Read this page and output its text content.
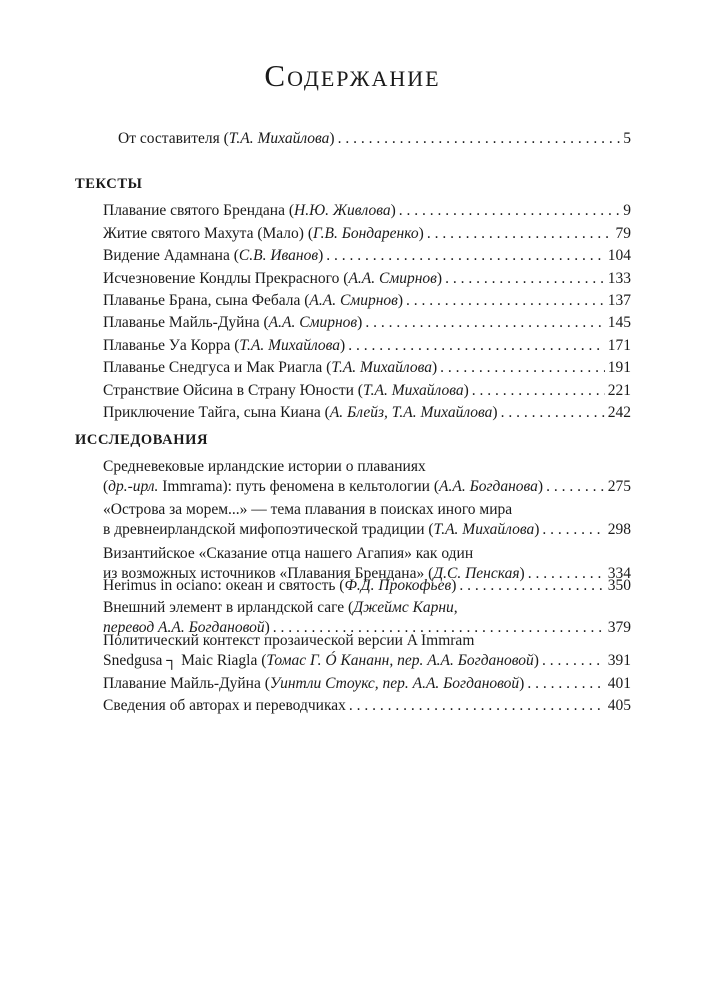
Содержание
От составителя (Т.А. Михайлова) . . .	5
ТЕКСТЫ
Плавание святого Брендана (Н.Ю. Живлова) . . .	9
Житие святого Махута (Мало) (Г.В. Бондаренко) . . .	79
Видение Адамнана (С.В. Иванов) . . .	104
Исчезновение Кондлы Прекрасного (А.А. Смирнов) . . .	133
Плаванье Брана, сына Фебала (А.А. Смирнов) . . .	137
Плаванье Майль-Дуйна (А.А. Смирнов) . . .	145
Плаванье Уа Корра (Т.А. Михайлова) . . .	171
Плаванье Снедгуса и Мак Риагла (Т.А. Михайлова) . . .	191
Странствие Ойсина в Страну Юности (Т.А. Михайлова) . . .	221
Приключение Тайга, сына Киана (А. Блейз, Т.А. Михайлова) . . .	242
ИССЛЕДОВАНИЯ
Средневековые ирландские истории о плаваниях
(др.-ирл. Immrama): путь феномена в кельтологии (А.А. Богданова) . . .	275
«Острова за морем...» — тема плавания в поисках иного мира
в древнеирландской мифопоэтической традиции (Т.А. Михайлова) . . .	298
Византийское «Сказание отца нашего Агапия» как один
из возможных источников «Плавания Брендана» (Д.С. Пенская) . . .	334
Herimus in ociano: океан и святость (Ф.Д. Прокофьев) . . .	350
Внешний элемент в ирландской саге (Джеймс Карни,
перевод А.А. Богдановой) . . .	379
Политический контекст прозаической версии A Immram
Snedgusa ┐ Maic Riagla (Томас Г. Ó Кананн, пер. А.А. Богдановой) . . .	391
Плавание Майль-Дуйна (Уинтли Стоукс, пер. А.А. Богдановой) . . .	401
Сведения об авторах и переводчиках . . .	405
